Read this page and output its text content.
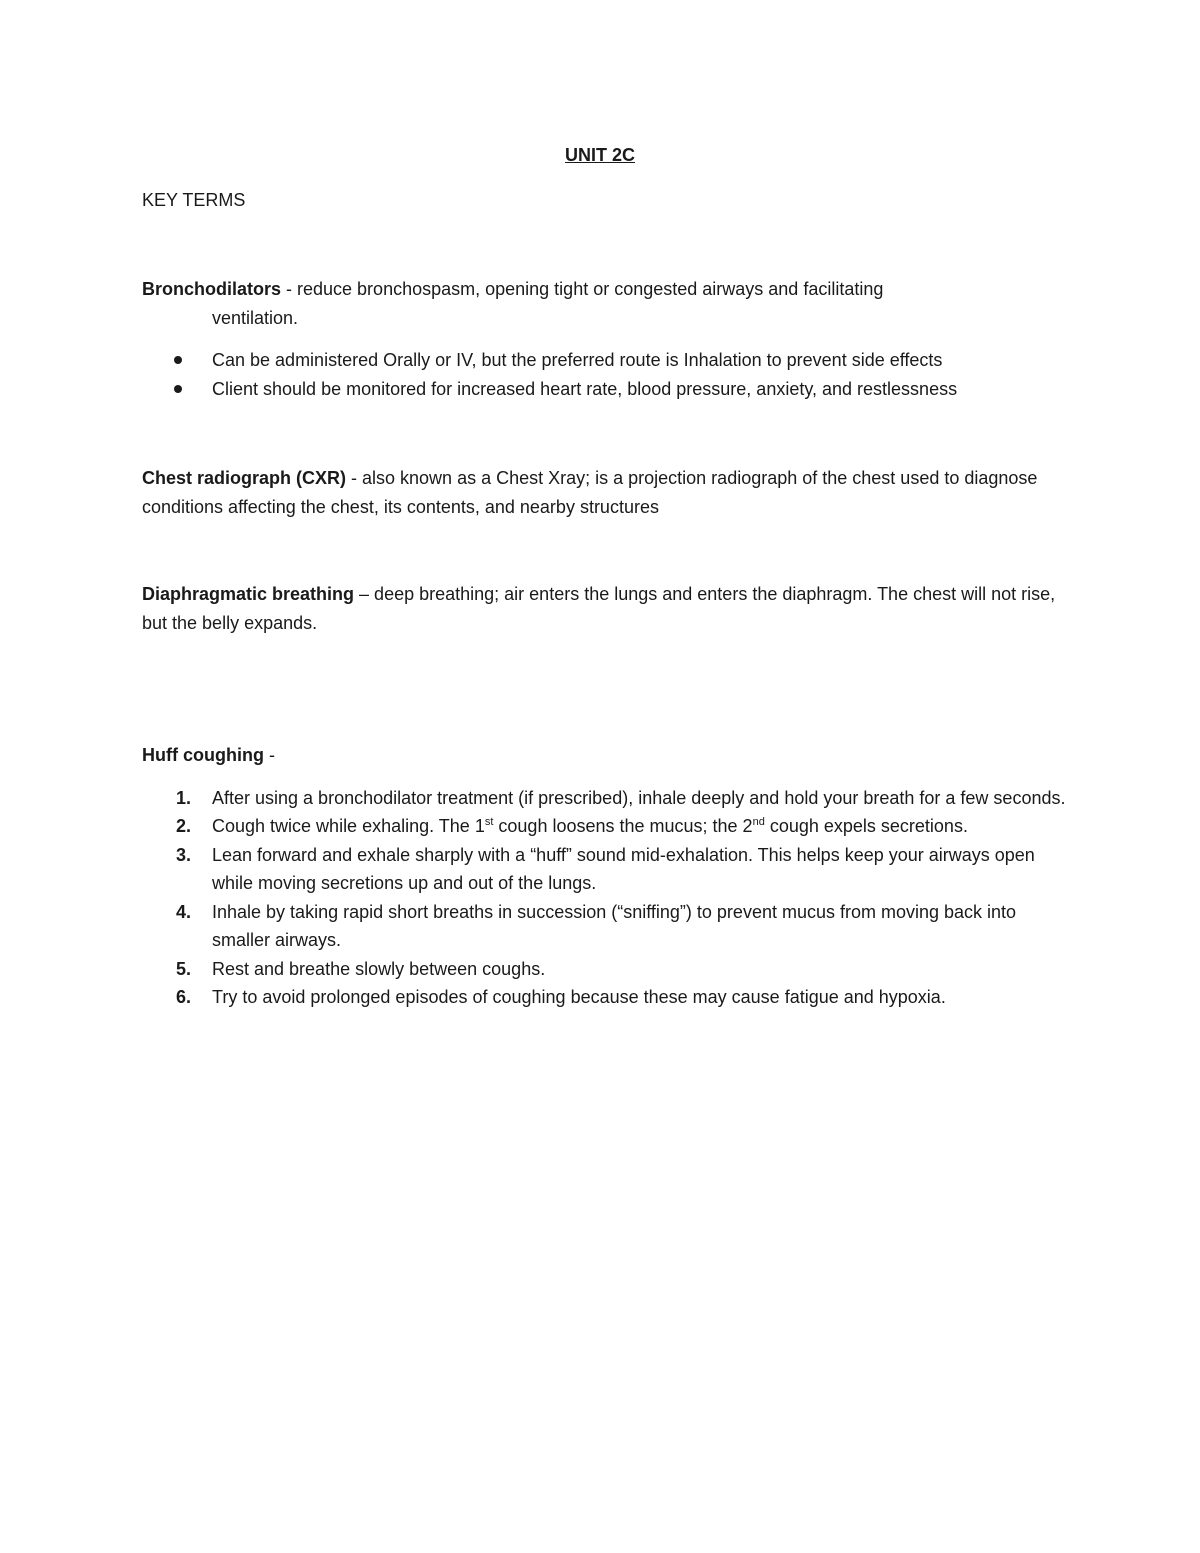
UNIT 2C
KEY TERMS
Bronchodilators - reduce bronchospasm, opening tight or congested airways and facilitating
ventilation.
Can be administered Orally or IV, but the preferred route is Inhalation to prevent side effects
Client should be monitored for increased heart rate, blood pressure, anxiety, and restlessness
Chest radiograph (CXR) - also known as a Chest Xray; is a projection radiograph of the chest used to diagnose conditions affecting the chest, its contents, and nearby structures
Diaphragmatic breathing – deep breathing; air enters the lungs and enters the diaphragm. The chest will not rise, but the belly expands.
Huff coughing -
1. After using a bronchodilator treatment (if prescribed), inhale deeply and hold your breath for a few seconds.
2. Cough twice while exhaling. The 1st cough loosens the mucus; the 2nd cough expels secretions.
3. Lean forward and exhale sharply with a “huff” sound mid-exhalation. This helps keep your airways open while moving secretions up and out of the lungs.
4. Inhale by taking rapid short breaths in succession (“sniffing”) to prevent mucus from moving back into smaller airways.
5. Rest and breathe slowly between coughs.
6. Try to avoid prolonged episodes of coughing because these may cause fatigue and hypoxia.
